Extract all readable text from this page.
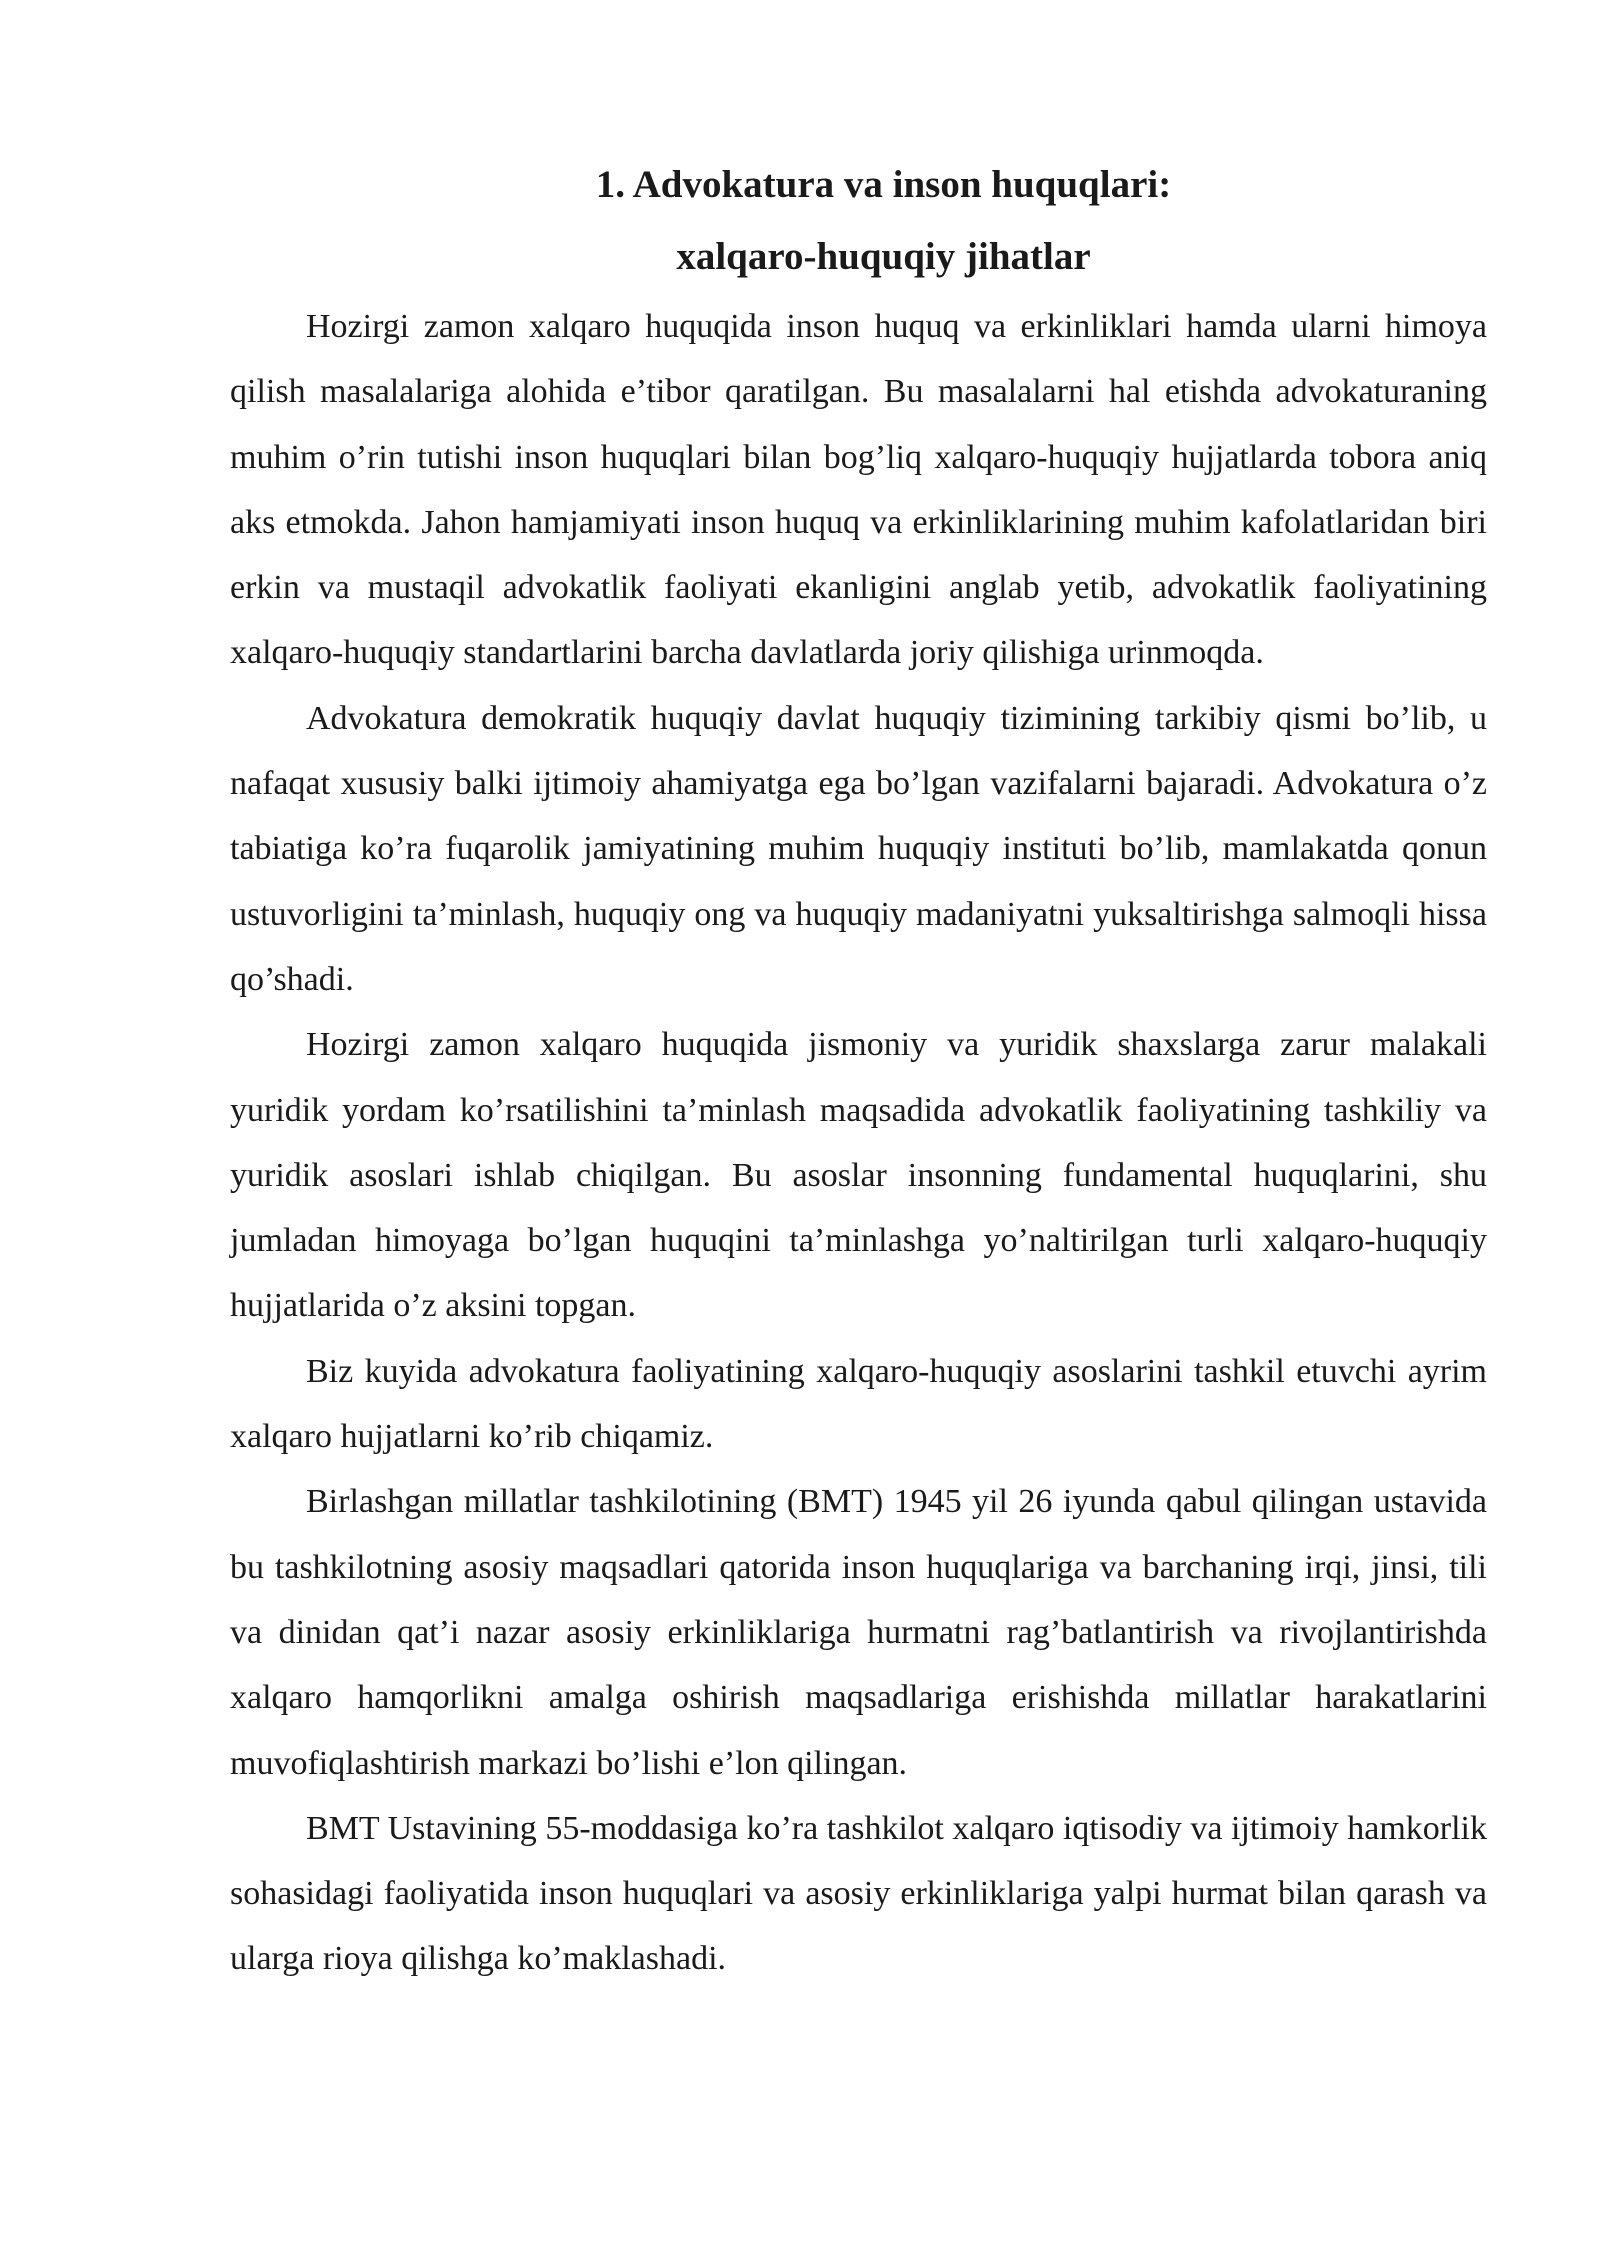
1. Advokatura va inson huquqlari:
xalqaro-huquqiy jihatlar

Hozirgi zamon xalqaro huquqida inson huquq va erkinliklari hamda ularni himoya qilish masalalariga alohida e’tibor qaratilgan. Bu masalalarni hal etishda advokaturaning muhim o’rin tutishi inson huquqlari bilan bog’liq xalqaro-huquqiy hujjatlarda tobora aniq aks etmokda. Jahon hamjamiyati inson huquq va erkinliklarining muhim kafolatlaridan biri erkin va mustaqil advokatlik faoliyati ekanligini anglab yetib, advokatlik faoliyatining xalqaro-huquqiy standartlarini barcha davlatlarda joriy qilishiga urinmoqda.

Advokatura demokratik huquqiy davlat huquqiy tizimining tarkibiy qismi bo’lib, u nafaqat xususiy balki ijtimoiy ahamiyatga ega bo’lgan vazifalarni bajaradi. Advokatura o’z tabiatiga ko’ra fuqarolik jamiyatining muhim huquqiy instituti bo’lib, mamlakatda qonun ustuvorligini ta’minlash, huquqiy ong va huquqiy madaniyatni yuksaltirishga salmoqli hissa qo’shadi.

Hozirgi zamon xalqaro huquqida jismoniy va yuridik shaxslarga zarur malakali yuridik yordam ko’rsatilishini ta’minlash maqsadida advokatlik faoliyatining tashkiliy va yuridik asoslari ishlab chiqilgan. Bu asoslar insonning fundamental huquqlarini, shu jumladan himoyaga bo’lgan huquqini ta’minlashga yo’naltirilgan turli xalqaro-huquqiy hujjatlarida o’z aksini topgan.

Biz kuyida advokatura faoliyatining xalqaro-huquqiy asoslarini tashkil etuvchi ayrim xalqaro hujjatlarni ko’rib chiqamiz.

Birlashgan millatlar tashkilotining (BMT) 1945 yil 26 iyunda qabul qilingan ustavida bu tashkilotning asosiy maqsadlari qatorida inson huquqlariga va barchaning irqi, jinsi, tili va dinidan qat’i nazar asosiy erkinliklariga hurmatni rag’batlantirish va rivojlantirishda xalqaro hamqorlikni amalga oshirish maqsadlariga erishishda millatlar harakatlarini muvofiqlashtirish markazi bo’lishi e’lon qilingan.

BMT Ustavining 55-moddasiga ko’ra tashkilot xalqaro iqtisodiy va ijtimoiy hamkorlik sohasidagi faoliyatida inson huquqlari va asosiy erkinliklariga yalpi hurmat bilan qarash va ularga rioya qilishga ko’maklashadi.
